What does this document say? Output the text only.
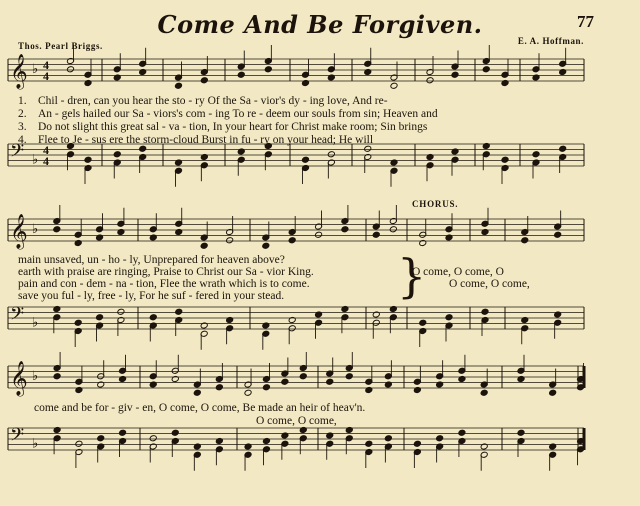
Come And Be Forgiven.	77
Thos. Pearl Briggs.	E. A. Hoffman.
𝄞 ♭ 4
4
𝄢 ♭
4
4
𝄞 ♭
𝄢 ♭
𝄞 ♭
𝄢 ♭
1. Chil - dren, can you hear the sto - ry Of the Sa - vior's dy - ing love, And re-
2. An - gels hailed our Sa - viors's com - ing To re - deem our souls from sin; Heaven and
3. Do not slight this great sal - va - tion, In your heart for Christ make room; Sin brings
4. Flee to Je - sus ere the storm-cloud Burst in fu - ry on your head; He will
CHORUS.
main unsaved, un - ho - ly, Unprepared for heaven above?
earth with praise are ringing, Praise to Christ our Sa - vior King.
pain and con - dem - na - tion, Flee the wrath which is to come.
save you ful - ly, free - ly, For he suf - fered in your stead. }
O come, O come, O
O come, O come,
come and be for - giv - en, O come, O come, Be made an heir of heav'n.
O come, O come,
